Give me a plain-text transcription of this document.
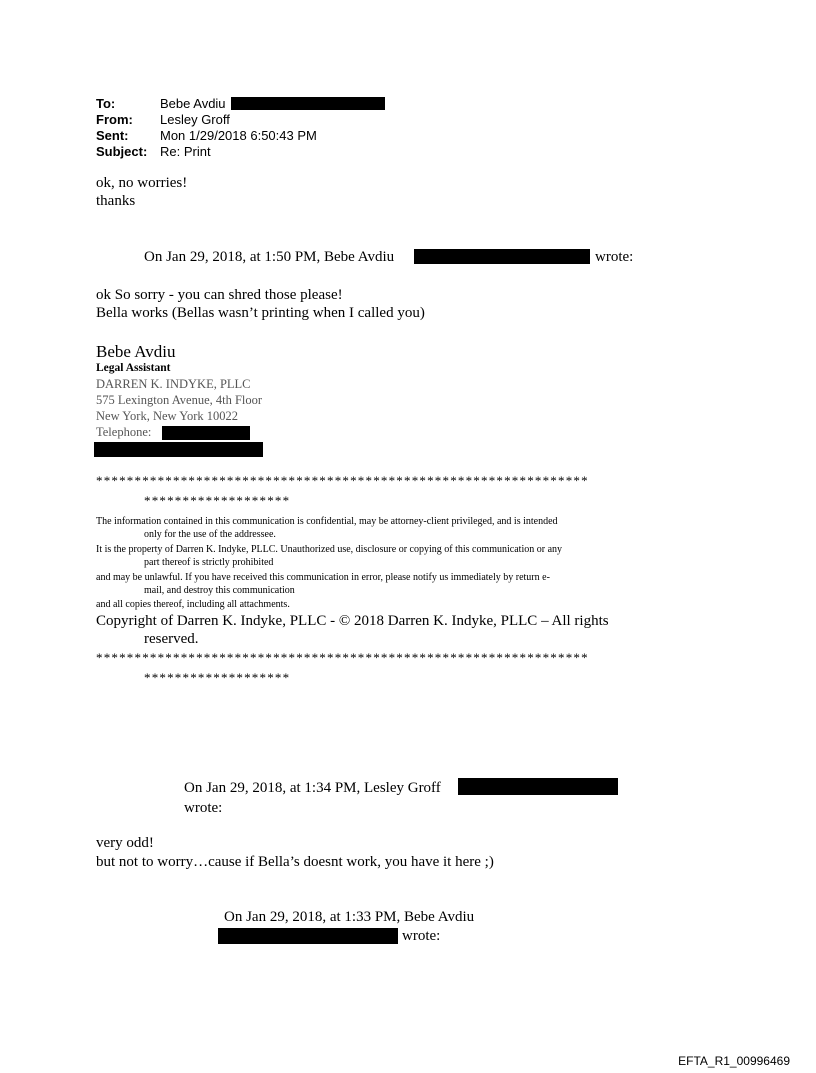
To:	Bebe Avdiu
From: Lesley Groff
Sent: Mon 1/29/2018 6:50:43 PM
Subject: Re: Print
ok, no worries!
thanks
On Jan 29, 2018, at 1:50 PM, Bebe Avdiu	wrote:
ok So sorry - you can shred those please!
Bella works (Bellas wasn’t printing when I called you)
Bebe Avdiu
Legal Assistant
DARREN K. INDYKE, PLLC
575 Lexington Avenue, 4th Floor
New York, New York 10022
Telephone:
****************************************************************
*******************
The information contained in this communication is confidential, may be attorney-client privileged, and is intended
only for the use of the addressee.
It is the property of Darren K. Indyke, PLLC. Unauthorized use, disclosure or copying of this communication or any
part thereof is strictly prohibited
and may be unlawful. If you have received this communication in error, please notify us immediately by return e-
mail, and destroy this communication
and all copies thereof, including all attachments.
Copyright of Darren K. Indyke, PLLC - © 2018 Darren K. Indyke, PLLC – All rights
reserved.
****************************************************************
*******************
On Jan 29, 2018, at 1:34 PM, Lesley Groff
wrote:
very odd!
but not to worry…cause if Bella’s doesnt work, you have it here ;)
On Jan 29, 2018, at 1:33 PM, Bebe Avdiu
wrote:
EFTA_R1_00996469
